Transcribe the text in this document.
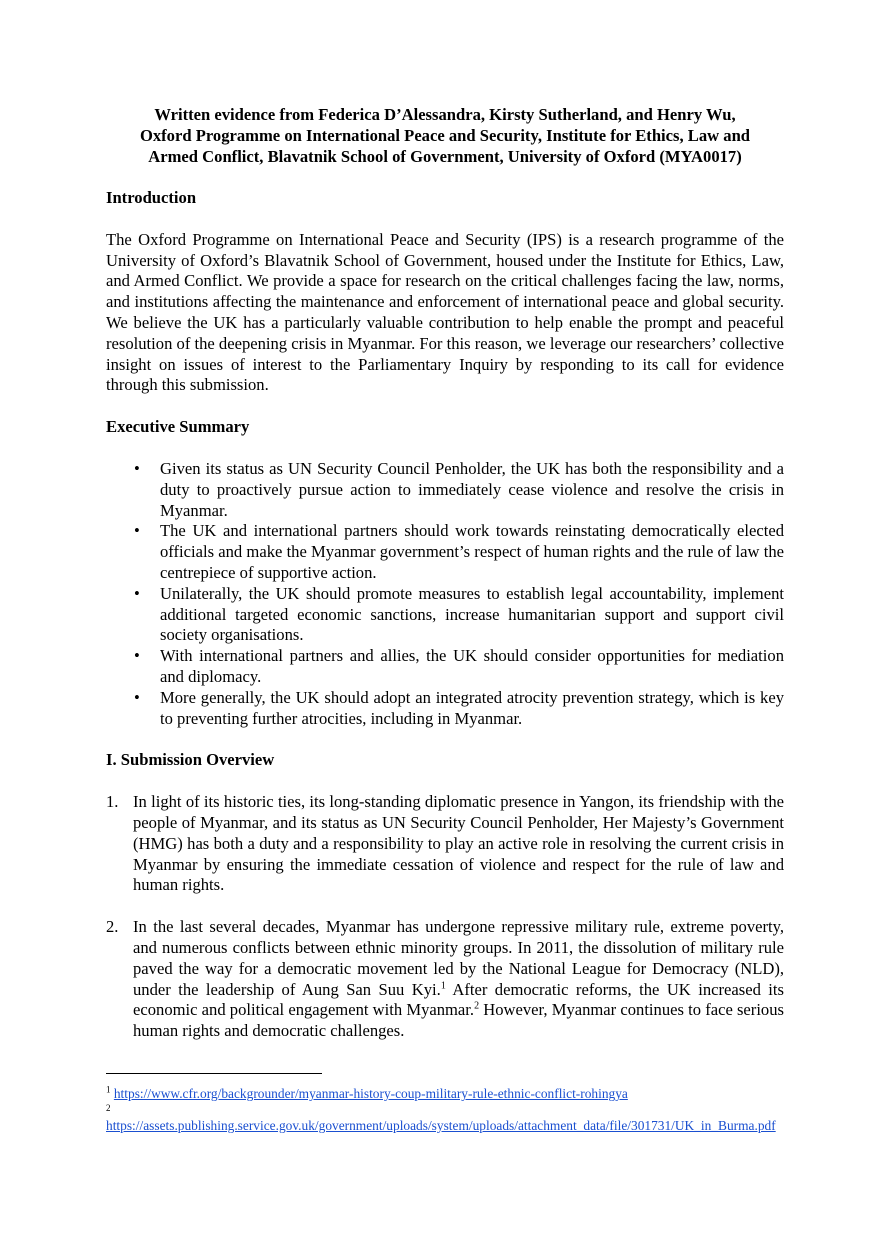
Written evidence from Federica D’Alessandra, Kirsty Sutherland, and Henry Wu,
Oxford Programme on International Peace and Security, Institute for Ethics, Law and
Armed Conflict, Blavatnik School of Government, University of Oxford (MYA0017)
Introduction

The Oxford Programme on International Peace and Security (IPS) is a research programme of the University of Oxford’s Blavatnik School of Government, housed under the Institute for Ethics, Law, and Armed Conflict. We provide a space for research on the critical challenges facing the law, norms, and institutions affecting the maintenance and enforcement of international peace and global security. We believe the UK has a particularly valuable contribution to help enable the prompt and peaceful resolution of the deepening crisis in Myanmar. For this reason, we leverage our researchers’ collective insight on issues of interest to the Parliamentary Inquiry by responding to its call for evidence through this submission.

Executive Summary
• Given its status as UN Security Council Penholder, the UK has both the responsibility and a duty to proactively pursue action to immediately cease violence and resolve the crisis in Myanmar.
• The UK and international partners should work towards reinstating democratically elected officials and make the Myanmar government’s respect of human rights and the rule of law the centrepiece of supportive action.
• Unilaterally, the UK should promote measures to establish legal accountability, implement additional targeted economic sanctions, increase humanitarian support and support civil society organisations.
• With international partners and allies, the UK should consider opportunities for mediation and diplomacy.
• More generally, the UK should adopt an integrated atrocity prevention strategy, which is key to preventing further atrocities, including in Myanmar.
I. Submission Overview
1. In light of its historic ties, its long-standing diplomatic presence in Yangon, its friendship with the people of Myanmar, and its status as UN Security Council Penholder, Her Majesty’s Government (HMG) has both a duty and a responsibility to play an active role in resolving the current crisis in Myanmar by ensuring the immediate cessation of violence and respect for the rule of law and human rights.
2. In the last several decades, Myanmar has undergone repressive military rule, extreme poverty, and numerous conflicts between ethnic minority groups. In 2011, the dissolution of military rule paved the way for a democratic movement led by the National League for Democracy (NLD), under the leadership of Aung San Suu Kyi.$^1$ After democratic reforms, the UK increased its economic and political engagement with Myanmar.$^2$ However, Myanmar continues to face serious human rights and democratic challenges.
$^1$ https://www.cfr.org/backgrounder/myanmar-history-coup-military-rule-ethnic-conflict-rohingya
2
https://assets.publishing.service.gov.uk/government/uploads/system/uploads/attachment_data/file/301731/UK_in_Burma.pdf
